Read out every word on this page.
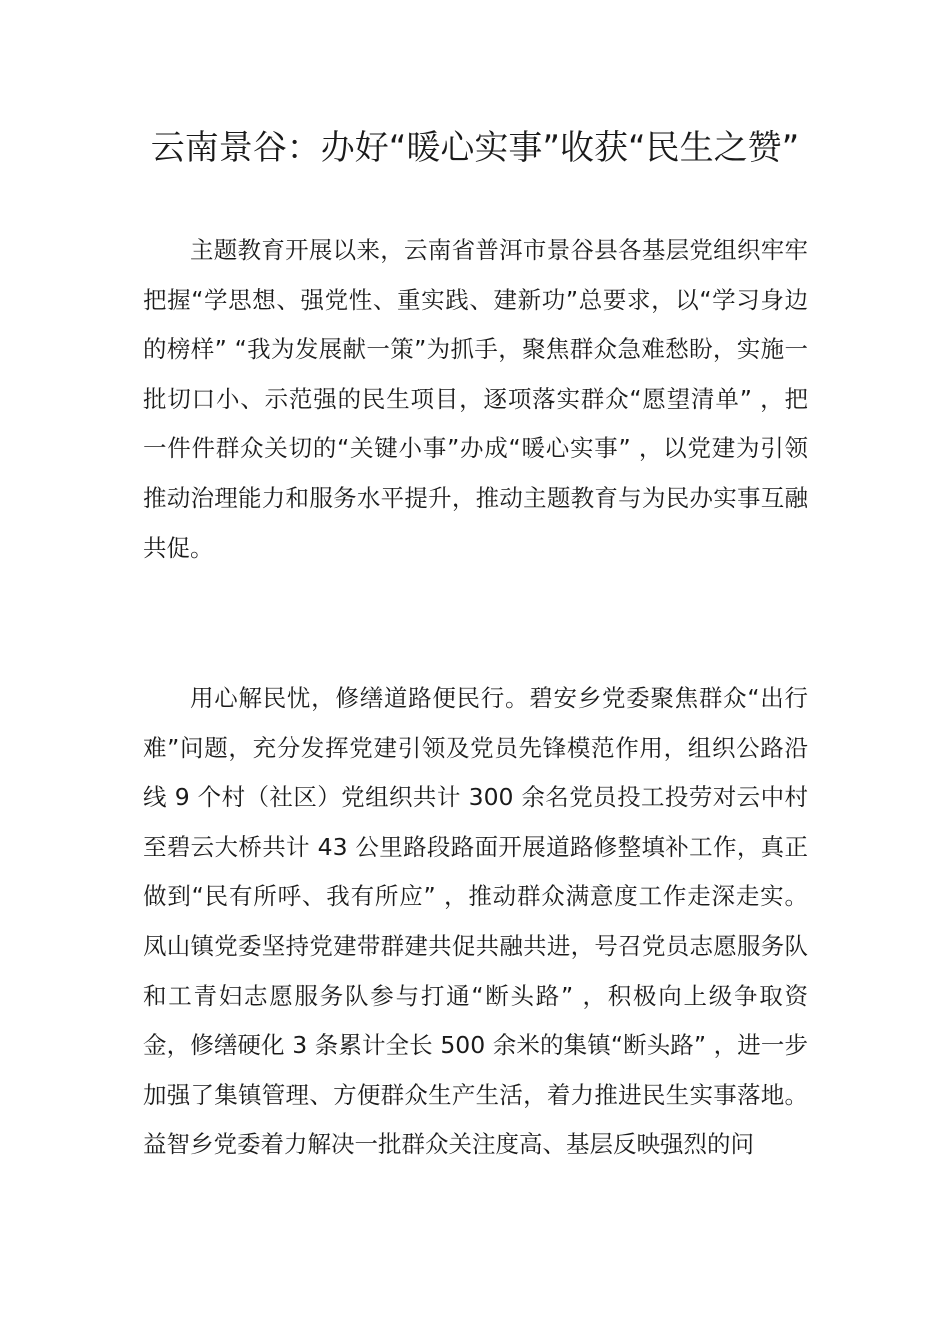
云南景谷：办好“暖心实事”收获“民生之赞”

主题教育开展以来，云南省普洱市景谷县各基层党组织牢牢把握“学思想、强党性、重实践、建新功”总要求，以“学习身边的榜样” “我为发展献一策”为抓手，聚焦群众急难愁盼，实施一批切口小、示范强的民生项目，逐项落实群众“愿望清单” ，把一件件群众关切的“关键小事”办成“暖心实事” ，以党建为引领推动治理能力和服务水平提升，推动主题教育与为民办实事互融共促。

用心解民忧，修缮道路便民行。碧安乡党委聚焦群众“出行难”问题，充分发挥党建引领及党员先锋模范作用，组织公路沿线 9 个村（社区）党组织共计 300 余名党员投工投劳对云中村至碧云大桥共计 43 公里路段路面开展道路修整填补工作，真正做到“民有所呼、我有所应” ，推动群众满意度工作走深走实。凤山镇党委坚持党建带群建共促共融共进，号召党员志愿服务队和工青妇志愿服务队参与打通“断头路” ，积极向上级争取资金，修缮硬化 3 条累计全长 500 余米的集镇“断头路” ，进一步加强了集镇管理、方便群众生产生活，着力推进民生实事落地。益智乡党委着力解决一批群众关注度高、基层反映强烈的问
